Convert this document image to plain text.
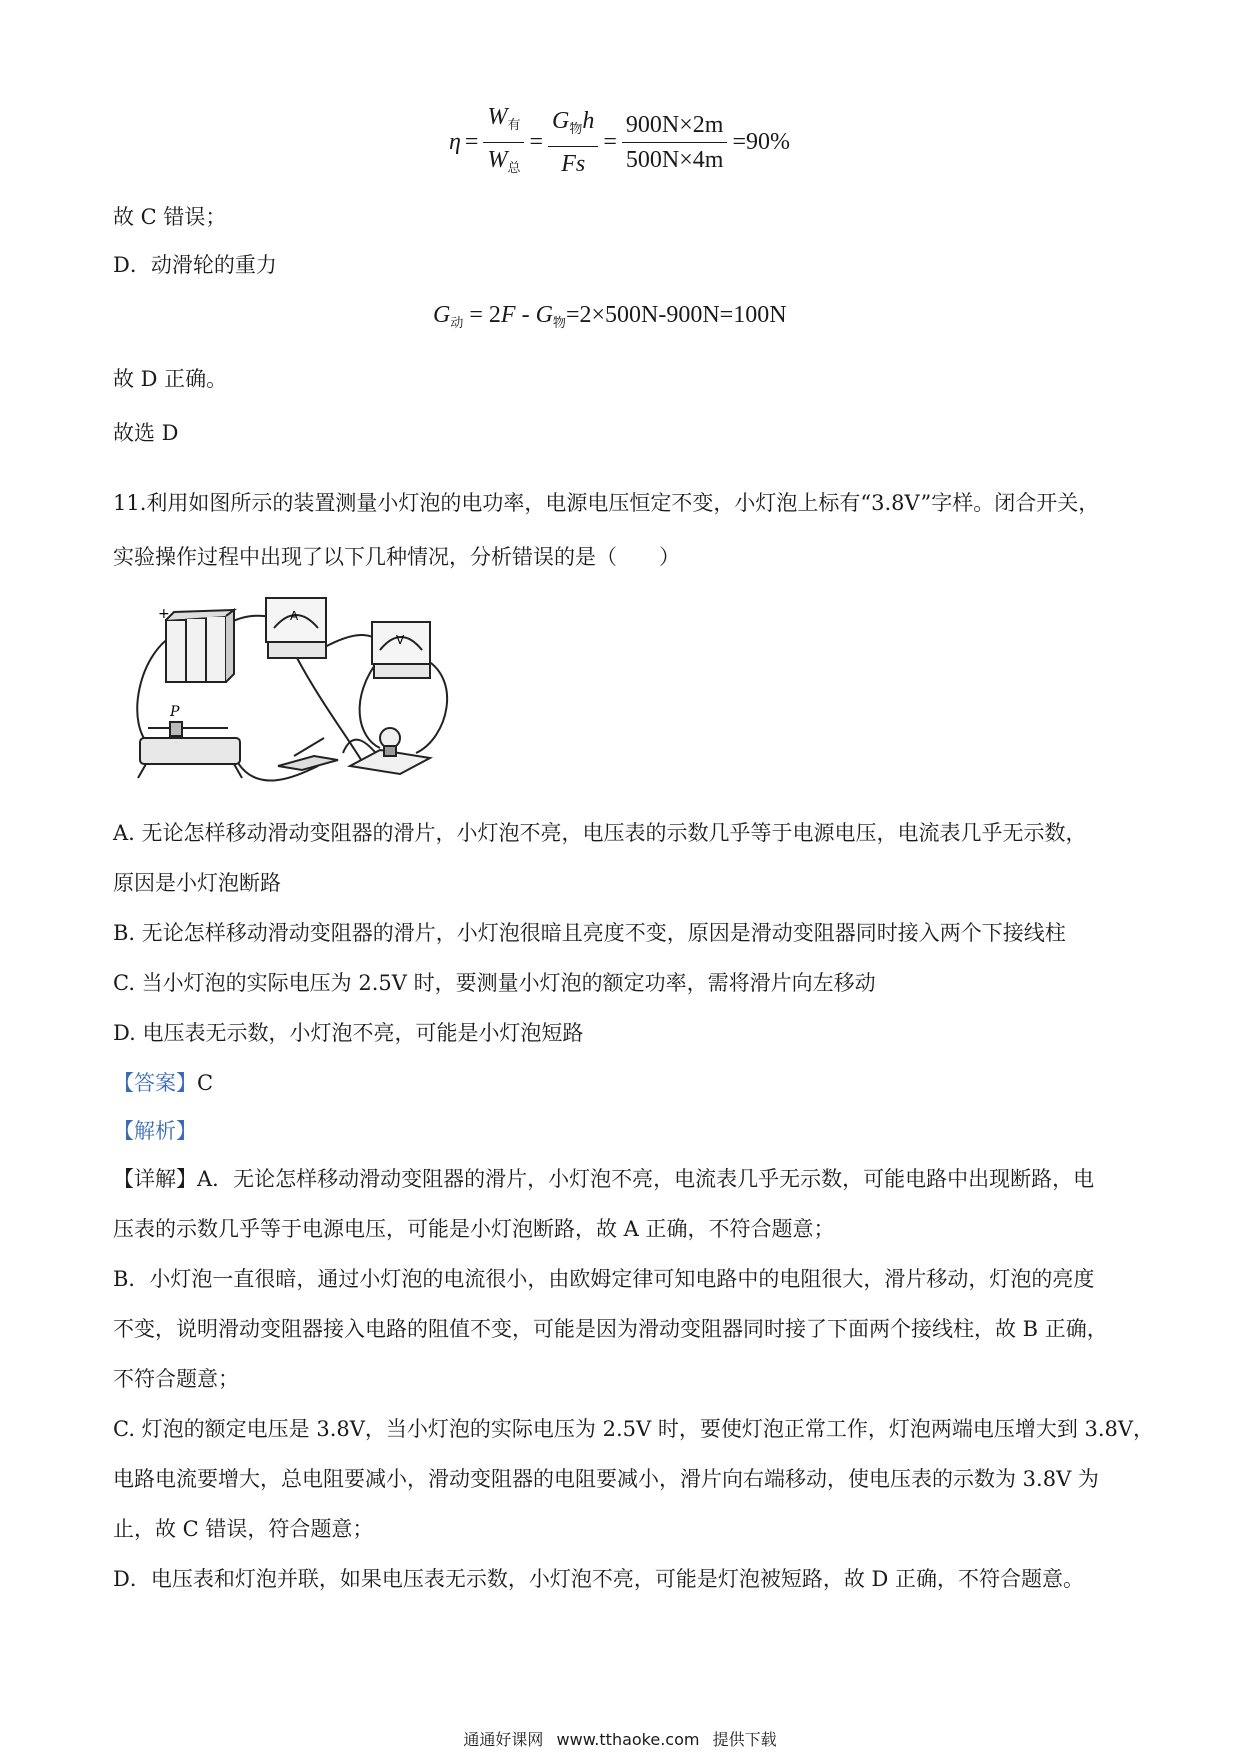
$\eta = \frac{W_有}{W_总} = \frac{G_物h}{Fs} = \frac{900N\times 2m}{500N\times 4m} =90\%$
故 C 错误；
D．动滑轮的重力
$G_动 = 2F - G_物=2\times 500N-900N=100N$
故 D 正确。
故选 D
11.利用如图所示的装置测量小灯泡的电功率，电源电压恒定不变，小灯泡上标有“3.8V”字样。闭合开关，
实验操作过程中出现了以下几种情况，分析错误的是（　　）
+	A
V
P
A. 无论怎样移动滑动变阻器的滑片，小灯泡不亮，电压表的示数几乎等于电源电压，电流表几乎无示数，
原因是小灯泡断路
B. 无论怎样移动滑动变阻器的滑片，小灯泡很暗且亮度不变，原因是滑动变阻器同时接入两个下接线柱
C. 当小灯泡的实际电压为 2.5V 时，要测量小灯泡的额定功率，需将滑片向左移动
D. 电压表无示数，小灯泡不亮，可能是小灯泡短路
【答案】C
【解析】
【详解】A．无论怎样移动滑动变阻器的滑片，小灯泡不亮，电流表几乎无示数，可能电路中出现断路，电
压表的示数几乎等于电源电压，可能是小灯泡断路，故 A 正确，不符合题意；
B．小灯泡一直很暗，通过小灯泡的电流很小，由欧姆定律可知电路中的电阻很大，滑片移动，灯泡的亮度
不变，说明滑动变阻器接入电路的阻值不变，可能是因为滑动变阻器同时接了下面两个接线柱，故 B 正确，
不符合题意；
C. 灯泡的额定电压是 3.8V，当小灯泡的实际电压为 2.5V 时，要使灯泡正常工作，灯泡两端电压增大到 3.8V，
电路电流要增大，总电阻要减小，滑动变阻器的电阻要减小，滑片向右端移动，使电压表的示数为 3.8V 为
止，故 C 错误，符合题意；
D．电压表和灯泡并联，如果电压表无示数，小灯泡不亮，可能是灯泡被短路，故 D 正确，不符合题意。
通通好课网 www.tthaoke.com 提供下载
